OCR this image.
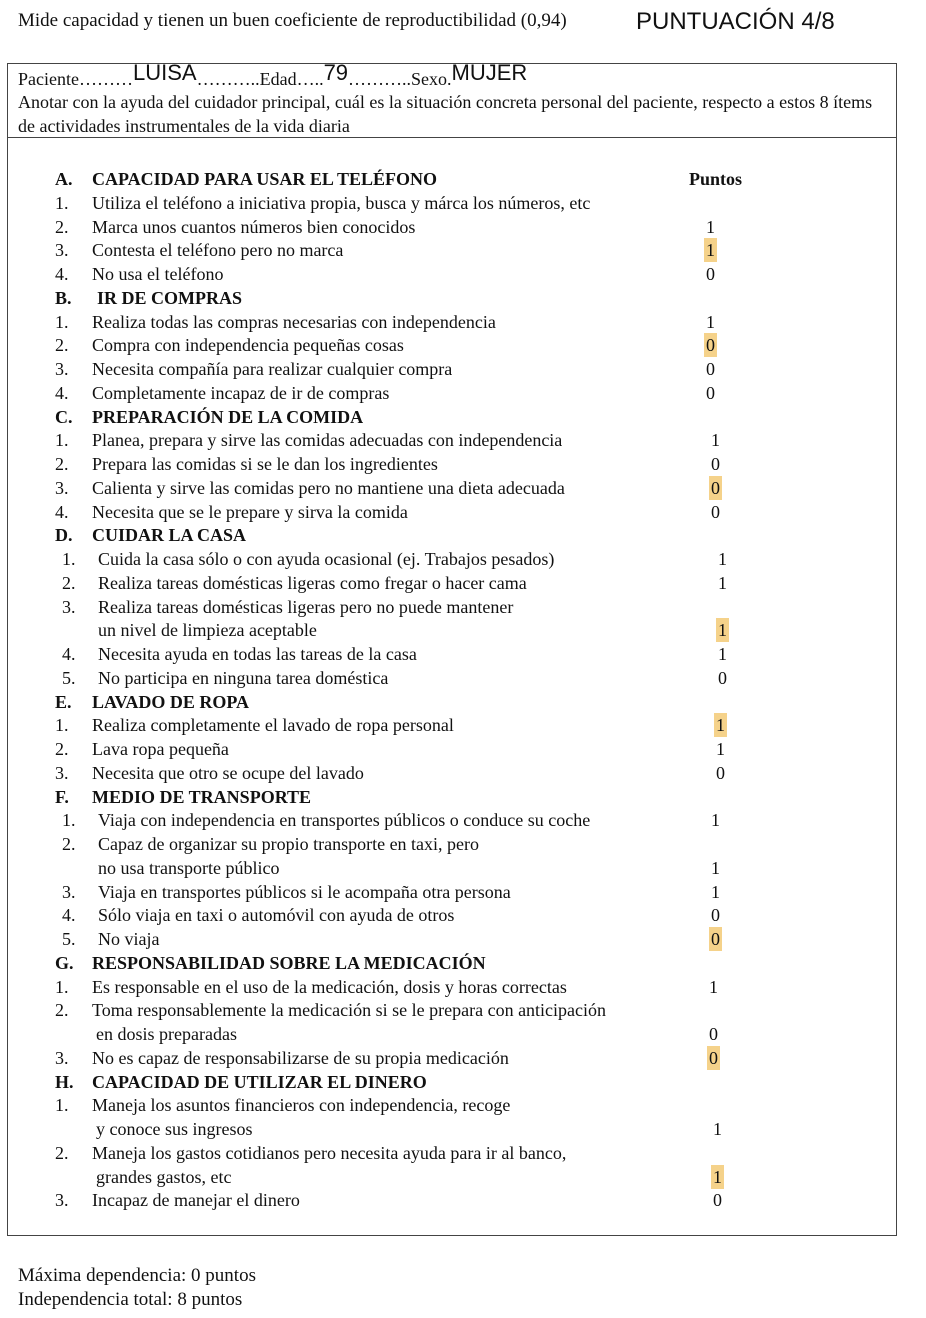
Mide capacidad y tienen un buen coeficiente de reproductibilidad (0,94)	PUNTUACIÓN 4/8
Paciente………LUISA………..Edad…..79………..Sexo.MUJER
Anotar con la ayuda del cuidador principal, cuál es la situación concreta personal del paciente, respecto a estos 8 ítems de actividades instrumentales de la vida diaria
Puntos
A. CAPACIDAD PARA USAR EL TELÉFONO
1. Utiliza el teléfono a iniciativa propia, busca y márca los números, etc
2. Marca unos cuantos números bien conocidos	1
3. Contesta el teléfono pero no marca	1
4. No usa el teléfono	0
B. IR DE COMPRAS
1. Realiza todas las compras necesarias con independencia	1
2. Compra con independencia pequeñas cosas	0
3. Necesita compañía para realizar cualquier compra	0
4. Completamente incapaz de ir de compras	0
C. PREPARACIÓN DE LA COMIDA
1. Planea, prepara y sirve las comidas adecuadas con independencia	1
2. Prepara las comidas si se le dan los ingredientes	0
3. Calienta y sirve las comidas pero no mantiene una dieta adecuada	0
4. Necesita que se le prepare y sirva la comida	0
D. CUIDAR LA CASA
1. Cuida la casa sólo o con ayuda ocasional (ej. Trabajos pesados)	1
2. Realiza tareas domésticas ligeras como fregar o hacer cama	1
3. Realiza tareas domésticas ligeras pero no puede mantener
un nivel de limpieza aceptable	1
4. Necesita ayuda en todas las tareas de la casa	1
5. No participa en ninguna tarea doméstica	0
E. LAVADO DE ROPA
1. Realiza completamente el lavado de ropa personal	1
2. Lava ropa pequeña	1
3. Necesita que otro se ocupe del lavado	0
F. MEDIO DE TRANSPORTE
1. Viaja con independencia en transportes públicos o conduce su coche	1
2. Capaz de organizar su propio transporte en taxi, pero
no usa transporte público	1
3. Viaja en transportes públicos si le acompaña otra persona	1
4. Sólo viaja en taxi o automóvil con ayuda de otros	0
5. No viaja	0
G. RESPONSABILIDAD SOBRE LA MEDICACIÓN
1. Es responsable en el uso de la medicación, dosis y horas correctas	1
2. Toma responsablemente la medicación si se le prepara con anticipación
en dosis preparadas	0
3. No es capaz de responsabilizarse de su propia medicación	0
H. CAPACIDAD DE UTILIZAR EL DINERO
1. Maneja los asuntos financieros con independencia, recoge
y conoce sus ingresos	1
2. Maneja los gastos cotidianos pero necesita ayuda para ir al banco,
grandes gastos, etc	1
3. Incapaz de manejar el dinero	0
Máxima dependencia: 0 puntos
Independencia total: 8 puntos
